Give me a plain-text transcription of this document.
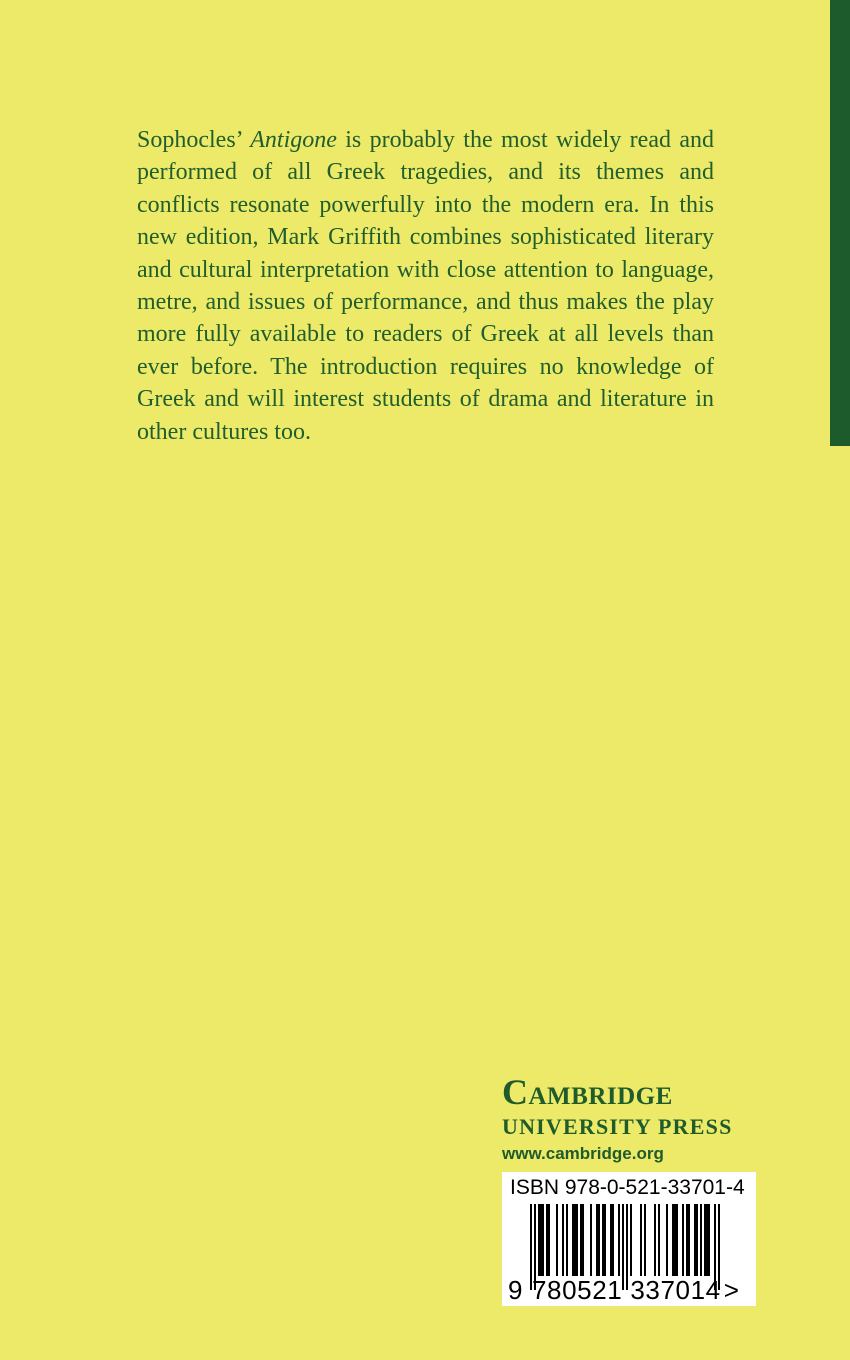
Sophocles’ Antigone is probably the most widely read and performed of all Greek tragedies, and its themes and conflicts resonate powerfully into the modern era. In this new edition, Mark Griffith combines sophisticated literary and cultural interpretation with close attention to language, metre, and issues of performance, and thus makes the play more fully available to readers of Greek at all levels than ever before. The introduction requires no knowledge of Greek and will interest students of drama and literature in other cultures too.

Cambridge
UNIVERSITY PRESS
www.cambridge.org
ISBN 978-0-521-33701-4
9 780521 337014 >
